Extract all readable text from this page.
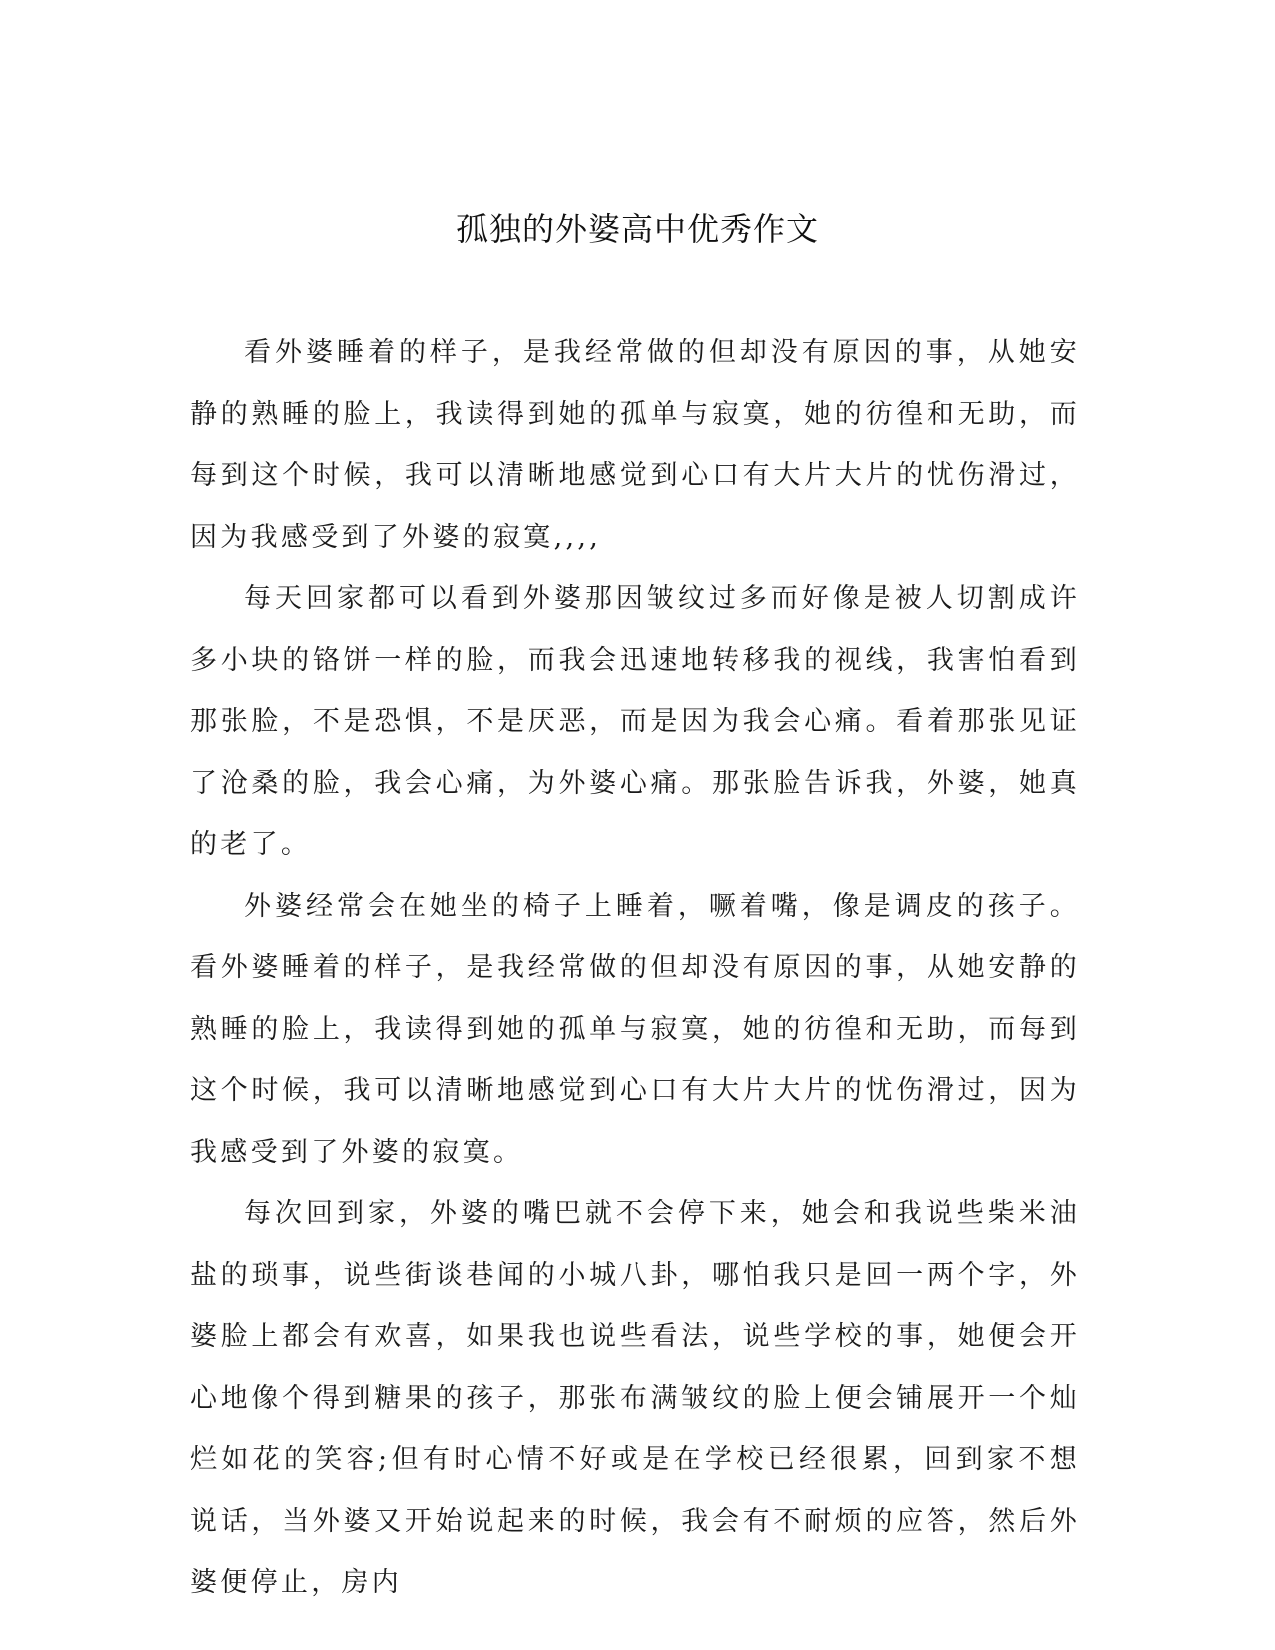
孤独的外婆高中优秀作文

看外婆睡着的样子，是我经常做的但却没有原因的事，从她安静的熟睡的脸上，我读得到她的孤单与寂寞，她的彷徨和无助，而每到这个时候，我可以清晰地感觉到心口有大片大片的忧伤滑过，因为我感受到了外婆的寂寞,,,,

每天回家都可以看到外婆那因皱纹过多而好像是被人切割成许多小块的铬饼一样的脸，而我会迅速地转移我的视线，我害怕看到那张脸，不是恐惧，不是厌恶，而是因为我会心痛。看着那张见证了沧桑的脸，我会心痛，为外婆心痛。那张脸告诉我，外婆，她真的老了。

外婆经常会在她坐的椅子上睡着，噘着嘴，像是调皮的孩子。看外婆睡着的样子，是我经常做的但却没有原因的事，从她安静的熟睡的脸上，我读得到她的孤单与寂寞，她的彷徨和无助，而每到这个时候，我可以清晰地感觉到心口有大片大片的忧伤滑过，因为我感受到了外婆的寂寞。

每次回到家，外婆的嘴巴就不会停下来，她会和我说些柴米油盐的琐事，说些街谈巷闻的小城八卦，哪怕我只是回一两个字，外婆脸上都会有欢喜，如果我也说些看法，说些学校的事，她便会开心地像个得到糖果的孩子，那张布满皱纹的脸上便会铺展开一个灿烂如花的笑容;但有时心情不好或是在学校已经很累，回到家不想说话，当外婆又开始说起来的时候，我会有不耐烦的应答，然后外婆便停止，房内
